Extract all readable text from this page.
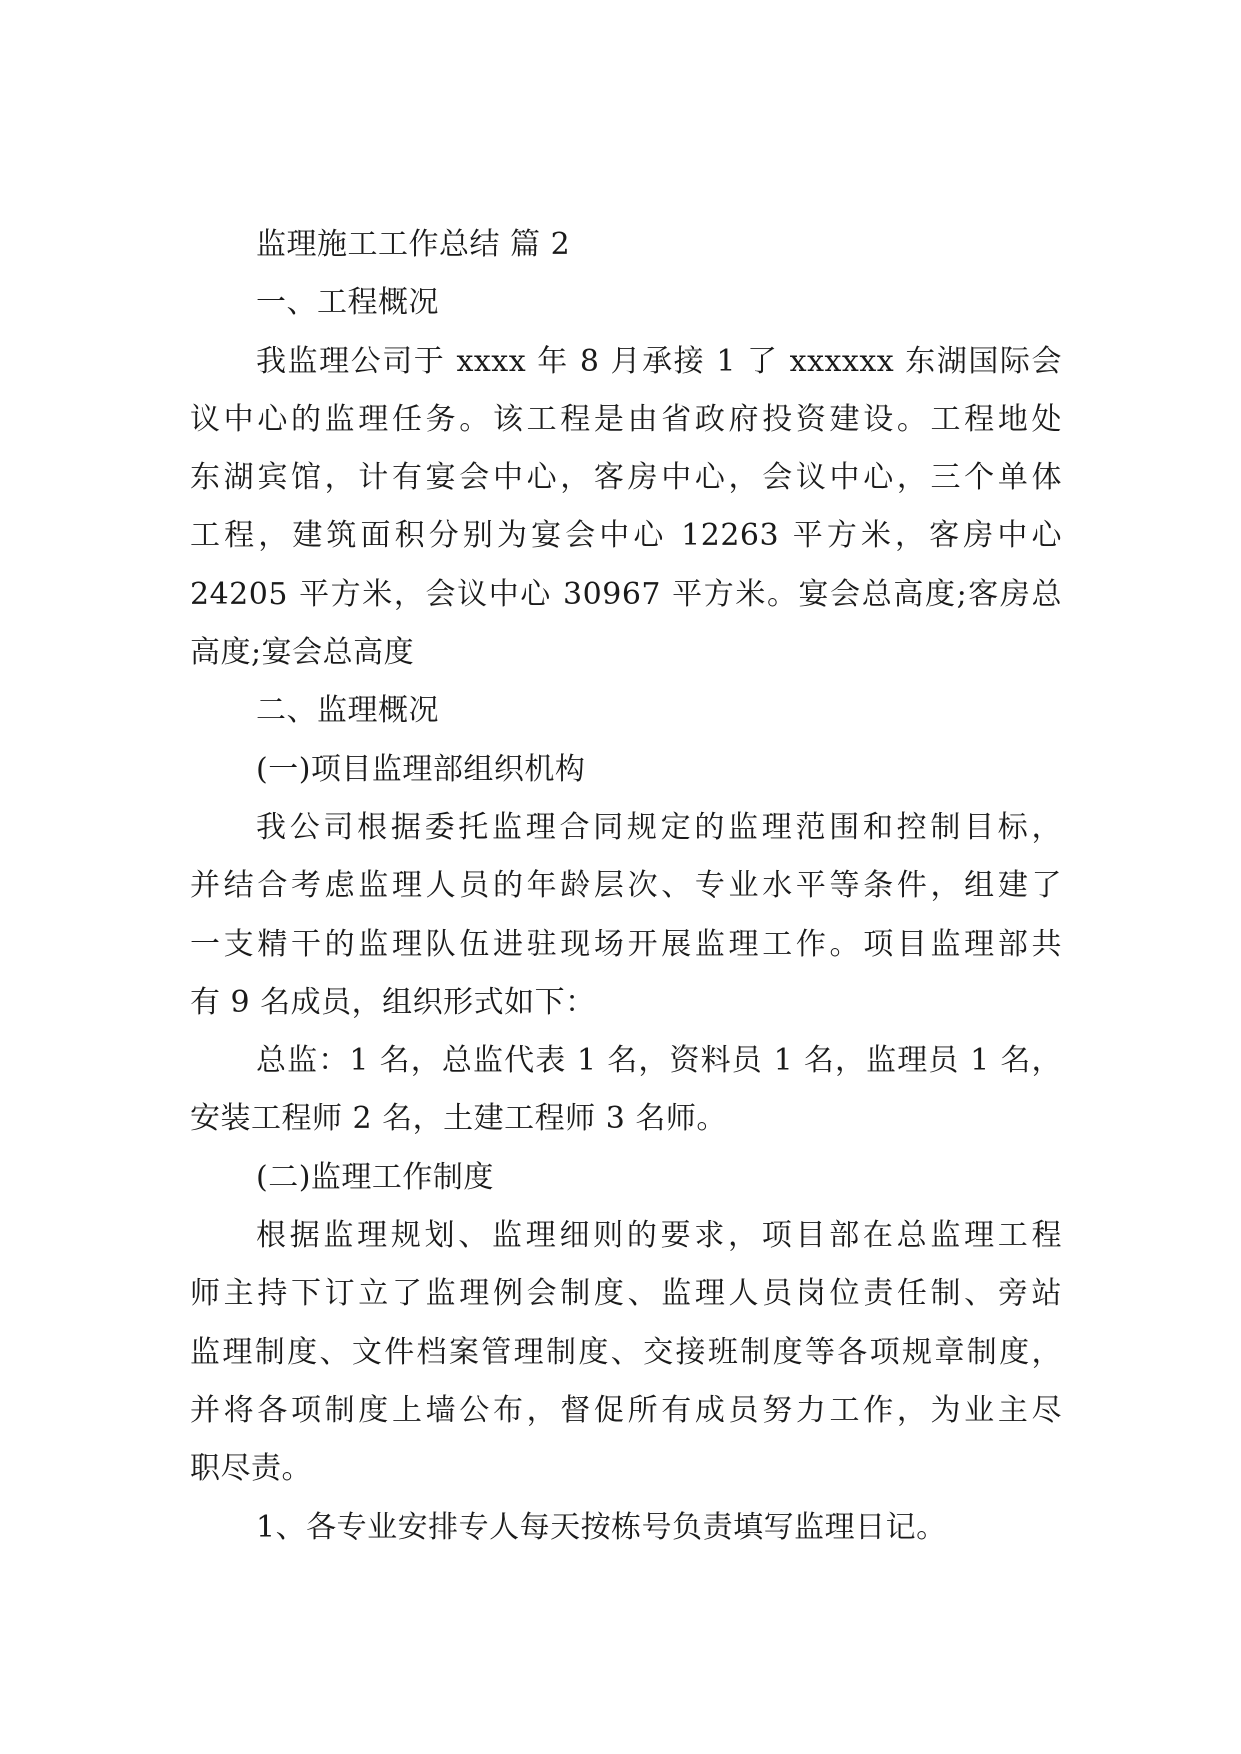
监理施工工作总结 篇 2
一、工程概况
我监理公司于 xxxx 年 8 月承接 1 了 xxxxxx 东湖国际会
议中心的监理任务。该工程是由省政府投资建设。工程地处
东湖宾馆，计有宴会中心，客房中心，会议中心，三个单体
工程，建筑面积分别为宴会中心 12263 平方米，客房中心
24205 平方米，会议中心 30967 平方米。宴会总高度;客房总
高度;宴会总高度
二、监理概况
(一)项目监理部组织机构
我公司根据委托监理合同规定的监理范围和控制目标，
并结合考虑监理人员的年龄层次、专业水平等条件，组建了
一支精干的监理队伍进驻现场开展监理工作。项目监理部共
有 9 名成员，组织形式如下：
总监：1 名，总监代表 1 名，资料员 1 名，监理员 1 名，
安装工程师 2 名，土建工程师 3 名师。
(二)监理工作制度
根据监理规划、监理细则的要求，项目部在总监理工程
师主持下订立了监理例会制度、监理人员岗位责任制、旁站
监理制度、文件档案管理制度、交接班制度等各项规章制度，
并将各项制度上墙公布，督促所有成员努力工作，为业主尽
职尽责。
1、各专业安排专人每天按栋号负责填写监理日记。
